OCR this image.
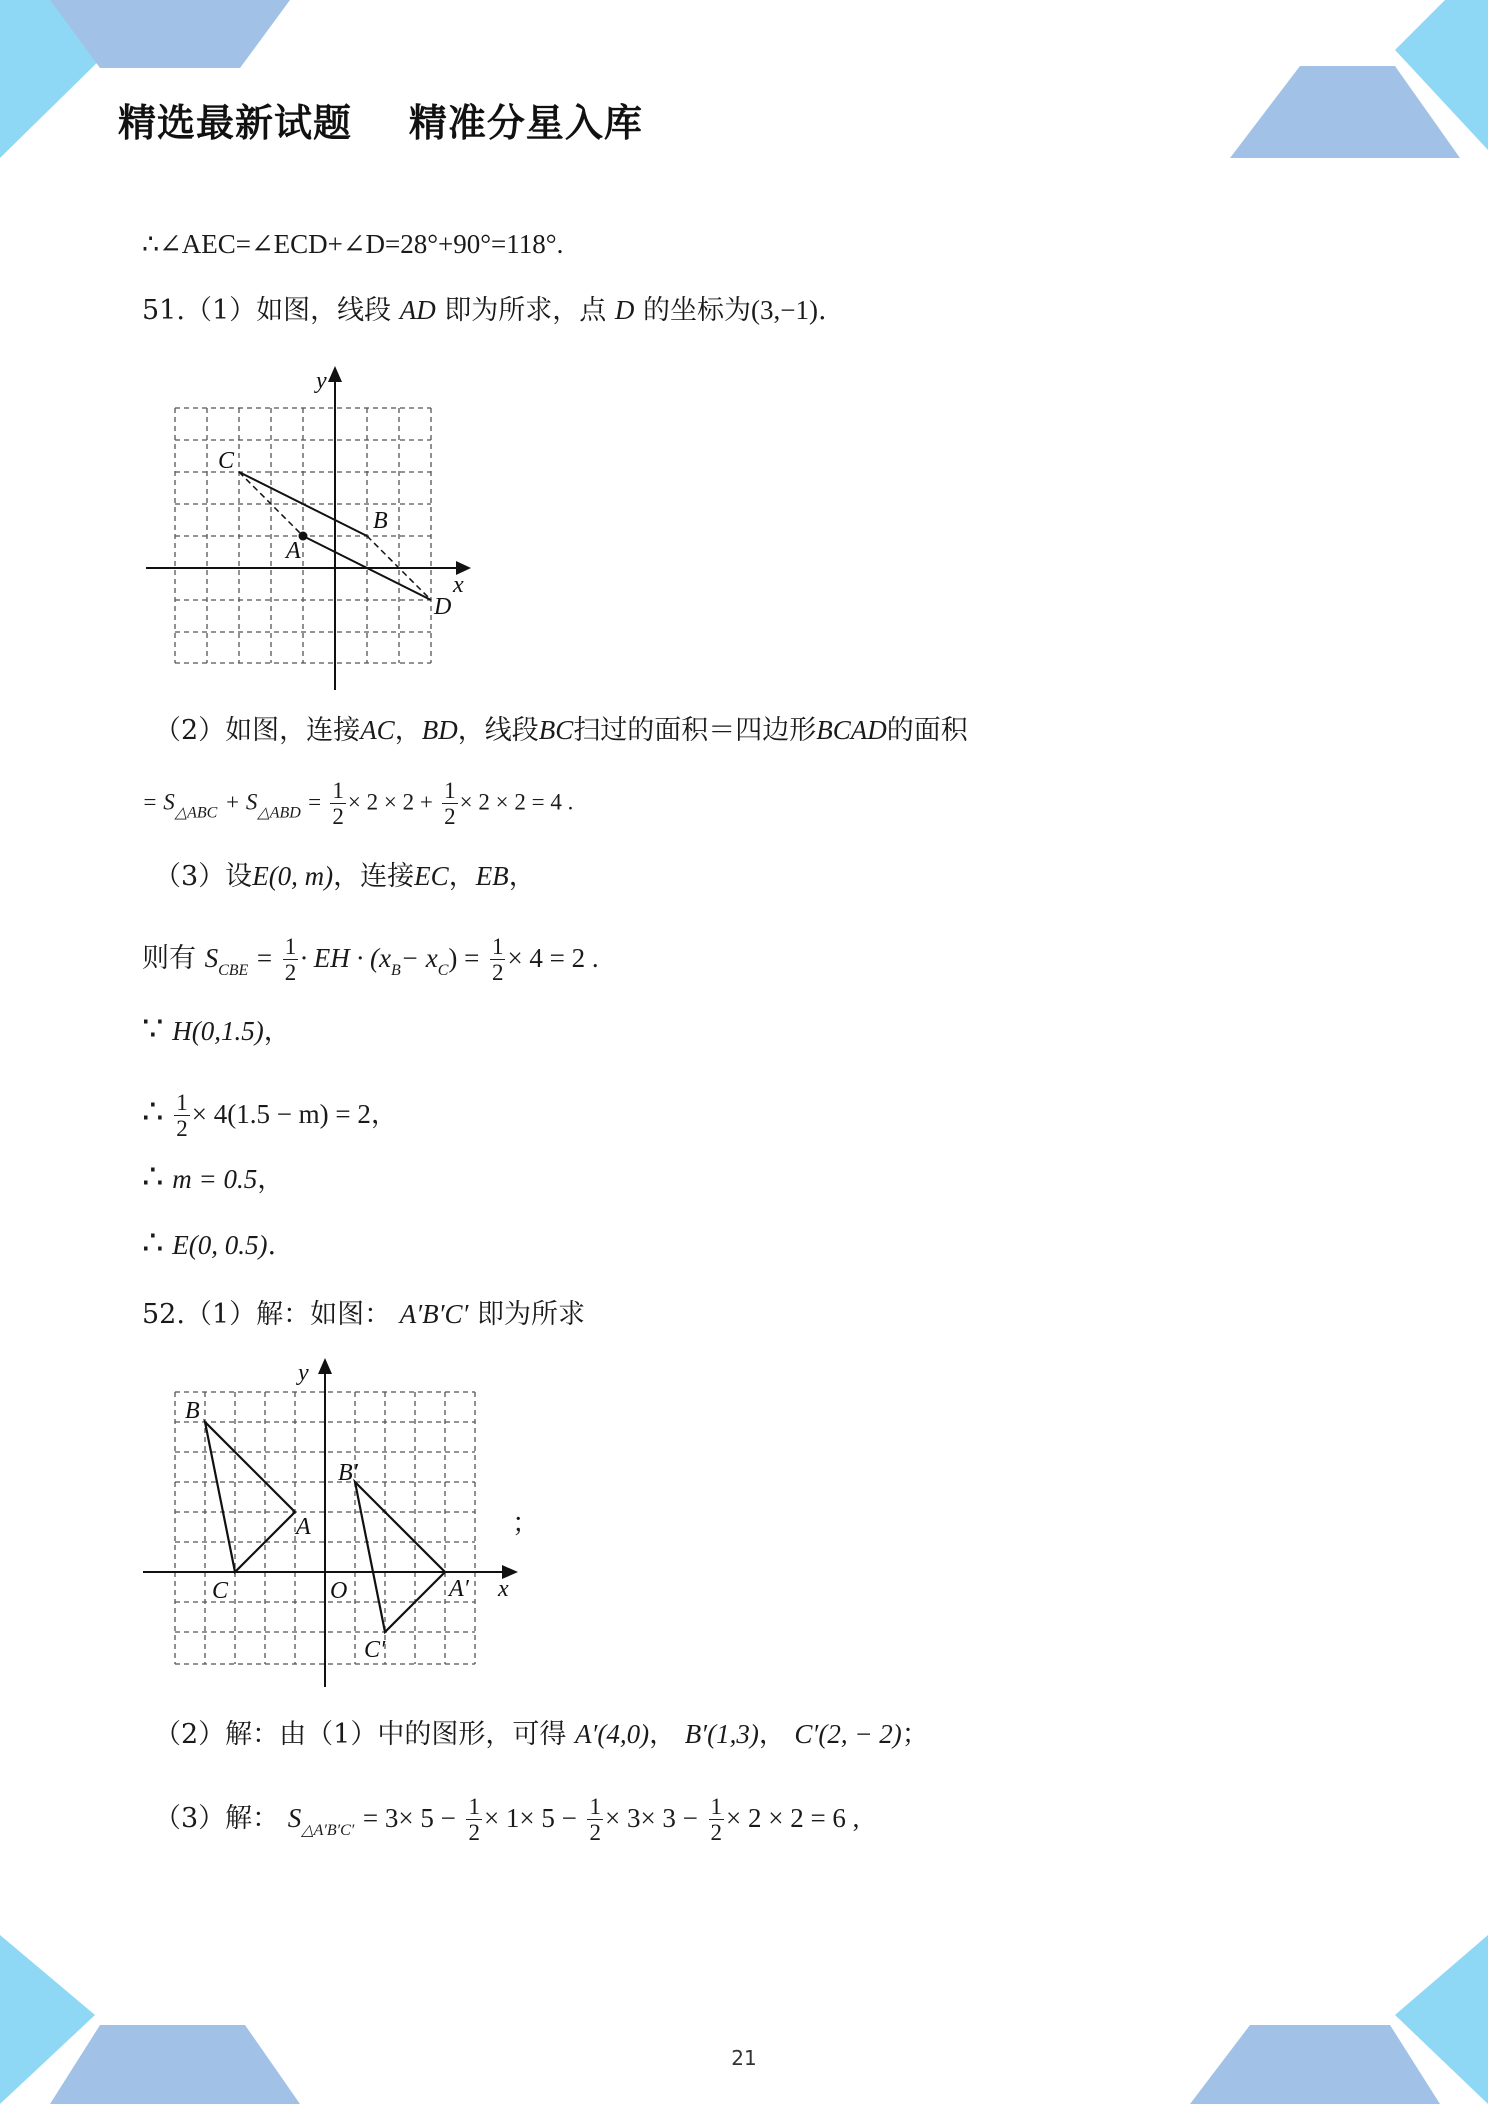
精选最新试题    精准分星入库
∴∠AEC=∠ECD+∠D=28°+90°=118°.
51.（1）如图，线段 AD 即为所求，点 D 的坐标为(3,−1).
y
x
C
B
A
D
（2）如图，连接AC，BD，线段BC扫过的面积＝四边形BCAD的面积
= $S_{\triangle ABC} + S_{\triangle ABD} = \frac{1}{2} \times 2 \times 2 + \frac{1}{2} \times 2 \times 2 = 4$ .
（3）设E(0, m)，连接EC，EB，
则有 $S_{CBE} = \frac{1}{2}$ · EH · $(x_B- x_C) = \frac{1}{2} \times 4 = 2$ .
∵ H(0,1.5)，
∴ $\frac{1}{2} \times 4(1.5 - m) = 2$，
∴ m = 0.5，
∴ E(0, 0.5).
52.（1）解：如图： A′B′C′ 即为所求
y
x
O
B
A
C
B′
A′
C′
；
（2）解：由（1）中的图形，可得 A′(4,0)， B′(1,3)， C′(2, − 2)；
（3）解： $S_{\triangle A'B'C'} = 3\times 5 - \frac{1}{2} \times 1\times 5 - \frac{1}{2} \times 3\times 3 - \frac{1}{2} \times 2 \times 2 = 6$ ,
21
